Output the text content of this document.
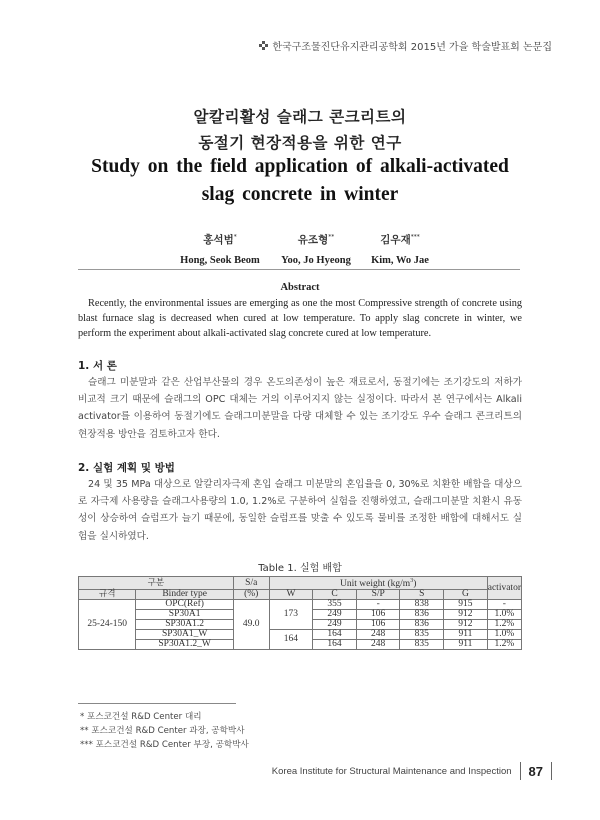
한국구조물진단유지관리공학회 2015년 가을 학술발표회 논문집
알칼리활성 슬래그 콘크리트의
동절기 현장적용을 위한 연구
Study on the field application of alkali-activated
slag concrete in winter
홍석범*
Hong, Seok Beom
유조형**
Yoo, Jo Hyeong
김우재***
Kim, Wo Jae
Abstract
Recently, the environmental issues are emerging as one the most Compressive strength of concrete using blast furnace slag is decreased when cured at low temperature. To apply slag concrete in winter, we perform the experiment about alkali-activated slag concrete cured at low temperature.
1. 서 론
슬래그 미분말과 같은 산업부산물의 경우 온도의존성이 높은 재료로서, 동절기에는 조기강도의 저하가 비교적 크기 때문에 슬래그의 OPC 대체는 거의 이루어지지 않는 실정이다. 따라서 본 연구에서는 Alkali activator를 이용하여 동절기에도 슬래그미분말을 다량 대체할 수 있는 조기강도 우수 슬래그 콘크리트의 현장적용 방안을 검토하고자 한다.
2. 실험 계획 및 방법
24 및 35 MPa 대상으로 알칼리자극제 혼입 슬래그 미분말의 혼입율을 0, 30%로 치환한 배합을 대상으로 자극제 사용량을 슬래그사용량의 1.0, 1.2%로 구분하여 실험을 진행하였고, 슬래그미분말 치환시 유동성이 상승하여 슬럼프가 늘기 때문에, 동일한 슬럼프를 맞출 수 있도록 물비를 조정한 배합에 대해서도 실험을 실시하였다.
Table 1. 실험 배합
구분		S/a	Unit weight $(kg/m^3)$					activator
규격	Binder type	(%)	W	C	S/P	S	G	
25-24-150	OPC(Ref)	49.0	173	355	-	838	915	-
	SP30A1			249	106	836	912	1.0%
	SP30A1.2			249	106	836	912	1.2%
	SP30A1_W		164	164	248	835	911	1.0%
	SP30A1.2_W			164	248	835	911	1.2%
* 포스코건설 R&D Center 대리
** 포스코건설 R&D Center 과장, 공학박사
*** 포스코건설 R&D Center 부장, 공학박사
Korea Institute for Structural Maintenance and Inspection 87
